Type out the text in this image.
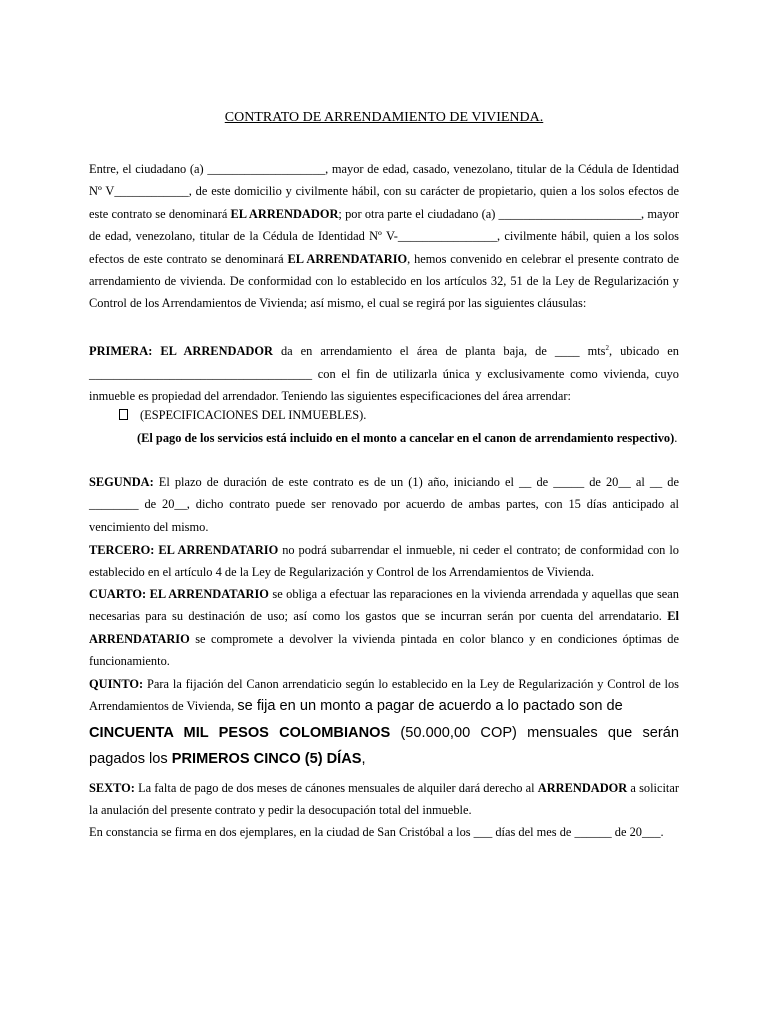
CONTRATO DE ARRENDAMIENTO DE VIVIENDA.
Entre, el ciudadano (a) ___________________, mayor de edad, casado, venezolano, titular de la Cédula de Identidad Nº V____________, de este domicilio y civilmente hábil, con su carácter de propietario, quien a los solos efectos de este contrato se denominará EL ARRENDADOR; por otra parte el ciudadano (a) _______________________, mayor de edad, venezolano, titular de la Cédula de Identidad Nº V-________________, civilmente hábil, quien a los solos efectos de este contrato se denominará EL ARRENDATARIO, hemos convenido en celebrar el presente contrato de arrendamiento de vivienda. De conformidad con lo establecido en los artículos 32, 51 de la Ley de Regularización y Control de los Arrendamientos de Vivienda; así mismo, el cual se regirá por las siguientes cláusulas:
PRIMERA: EL ARRENDADOR da en arrendamiento el área de planta baja, de ____ mts$^2$, ubicado en ____________________________________ con el fin de utilizarla única y exclusivamente como vivienda, cuyo inmueble es propiedad del arrendador. Teniendo las siguientes especificaciones del área arrendar:
(ESPECIFICACIONES DEL INMUEBLES).
(El pago de los servicios está incluido en el monto a cancelar en el canon de arrendamiento respectivo).
SEGUNDA: El plazo de duración de este contrato es de un (1) año, iniciando el __ de _____ de 20__ al __ de ________ de 20__, dicho contrato puede ser renovado por acuerdo de ambas partes, con 15 días anticipado al vencimiento del mismo.
TERCERO: EL ARRENDATARIO no podrá subarrendar el inmueble, ni ceder el contrato; de conformidad con lo establecido en el artículo 4 de la Ley de Regularización y Control de los Arrendamientos de Vivienda.
CUARTO: EL ARRENDATARIO se obliga a efectuar las reparaciones en la vivienda arrendada y aquellas que sean necesarias para su destinación de uso; así como los gastos que se incurran serán por cuenta del arrendatario. El ARRENDATARIO se compromete a devolver la vivienda pintada en color blanco y en condiciones óptimas de funcionamiento.
QUINTO: Para la fijación del Canon arrendaticio según lo establecido en la Ley de Regularización y Control de los Arrendamientos de Vivienda, se fija en un monto a pagar de acuerdo a lo pactado son de
CINCUENTA MIL PESOS COLOMBIANOS (50.000,00 COP) mensuales que serán pagados los PRIMEROS CINCO (5) DÍAS,
SEXTO: La falta de pago de dos meses de cánones mensuales de alquiler dará derecho al ARRENDADOR a solicitar la anulación del presente contrato y pedir la desocupación total del inmueble.
En constancia se firma en dos ejemplares, en la ciudad de San Cristóbal a los ___ días del mes de ______ de 20___.
